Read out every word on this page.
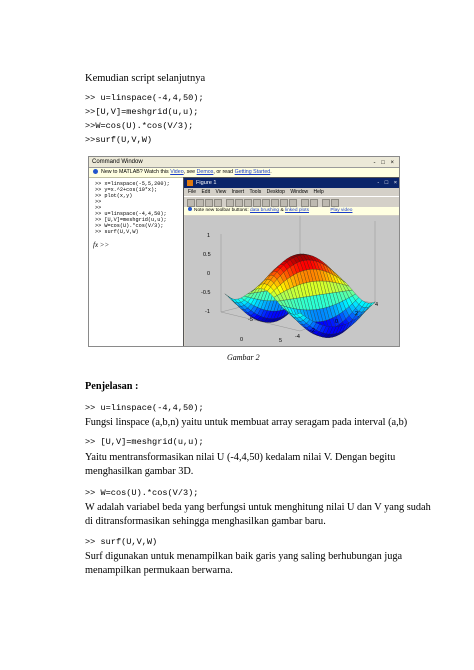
Kemudian script selanjutnya
>> u=linspace(-4,4,50);
>>[U,V]=meshgrid(u,u);
>>W=cos(U).*cos(V/3);
>>surf(U,V,W)
Command Window	- □ ×
New to MATLAB? Watch this Video, see Demos, or read Getting Started.
>> x=linspace(-5,5,200);
>> y=x.^2+cos(10*x);
>> plot(x,y)
>>
>>
>> u=linspace(-4,4,50);
>> [U,V]=meshgrid(u,u);
>> W=cos(U).*cos(V/3);
>> surf(U,V,W)
fx >>
Figure 1	- □ ×
File Edit View Insert Tools Desktop Window Help
Note new toolbar buttons: data brushing & linked plots	Play video
1
0.5
0
-0.5
-1
-5
0	5
-4
-2
0
2
4
Gambar 2
Penjelasan :
>> u=linspace(-4,4,50);
Fungsi linspace (a,b,n) yaitu untuk membuat array seragam pada interval (a,b)
>> [U,V]=meshgrid(u,u);
Yaitu mentransformasikan nilai U (-4,4,50) kedalam nilai V. Dengan begitu
menghasilkan gambar 3D.
>> W=cos(U).*cos(V/3);
W adalah variabel beda yang berfungsi untuk menghitung nilai U dan V yang sudah
di ditransformasikan sehingga menghasilkan gambar baru.
>> surf(U,V,W)
Surf digunakan untuk menampilkan baik garis yang saling berhubungan juga
menampilkan permukaan berwarna.
